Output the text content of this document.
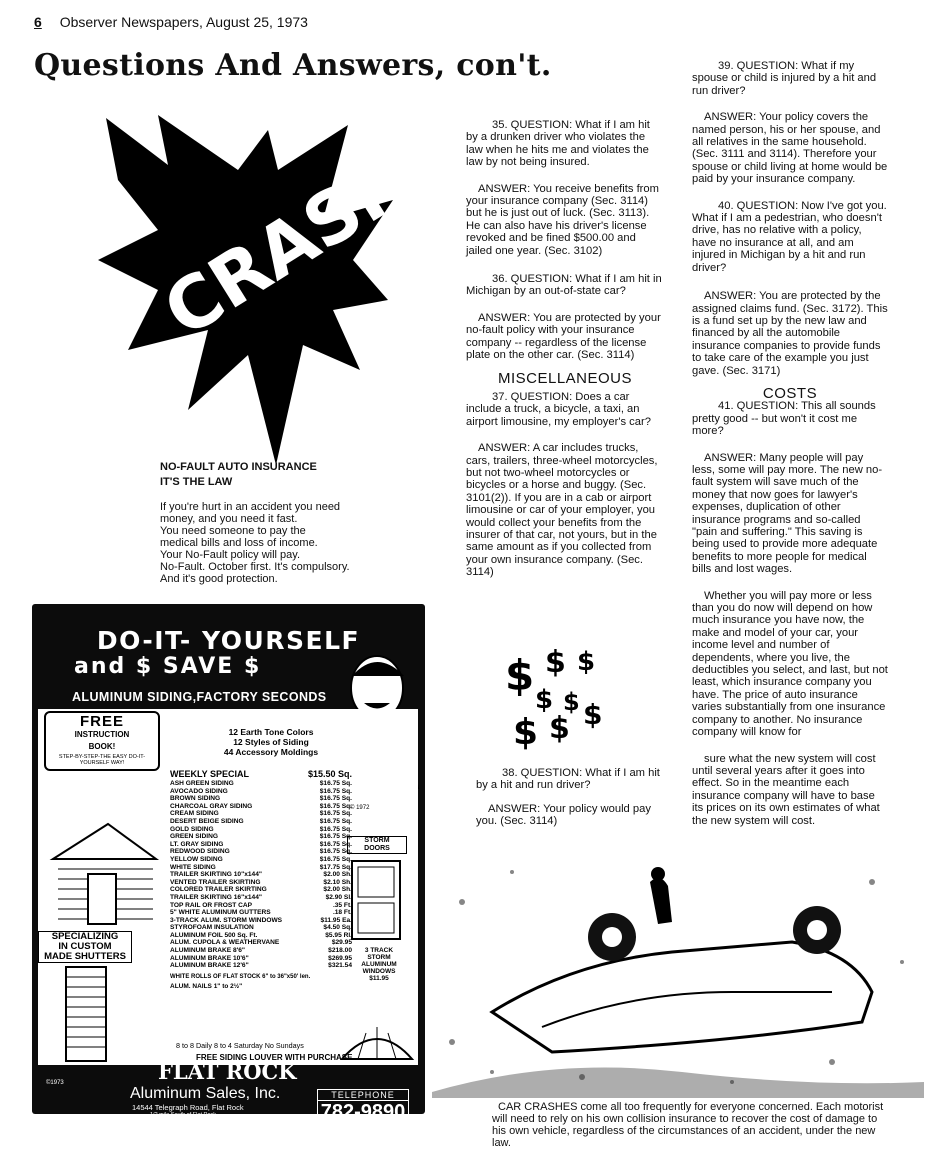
6 Observer Newspapers, August 25, 1973
Questions And Answers, con't.
CRASH
NO-FAULT AUTO INSURANCE
IT'S THE LAW
If you're hurt in an accident you need
money, and you need it fast.
You need someone to pay the
medical bills and loss of income.
Your No-Fault policy will pay.
No-Fault. October first. It's compulsory.
And it's good protection.

35. QUESTION: What if I am hit by a drunken driver who violates the law when he hits me and violates the law by not being insured.

ANSWER: You receive benefits from your insurance company (Sec. 3114) but he is just out of luck. (Sec. 3113). He can also have his driver's license revoked and be fined $500.00 and jailed one year. (Sec. 3102)

36. QUESTION: What if I am hit in Michigan by an out-of-state car?

ANSWER: You are protected by your no-fault policy with your insurance company -- regardless of the license plate on the other car. (Sec. 3114)

MISCELLANEOUS

37. QUESTION: Does a car include a truck, a bicycle, a taxi, an airport limousine, my employer's car?

ANSWER: A car includes trucks, cars, trailers, three-wheel motorcycles, but not two-wheel motorcycles or bicycles or a horse and buggy. (Sec. 3101(2)). If you are in a cab or airport limousine or car of your employer, you would collect your benefits from the insurer of that car, not yours, but in the same amount as if you collected from your own insurance company. (Sec. 3114)

$ $ $
$ $
$ $ $

38. QUESTION: What if I am hit by a hit and run driver?

ANSWER: Your policy would pay you. (Sec. 3114)

39. QUESTION: What if my spouse or child is injured by a hit and run driver?

ANSWER: Your policy covers the named person, his or her spouse, and all relatives in the same household. (Sec. 3111 and 3114). Therefore your spouse or child living at home would be paid by your insurance company.

40. QUESTION: Now I've got you. What if I am a pedestrian, who doesn't drive, has no relative with a policy, have no insurance at all, and am injured in Michigan by a hit and run driver?

ANSWER: You are protected by the assigned claims fund. (Sec. 3172). This is a fund set up by the new law and financed by all the automobile insurance companies to provide funds to take care of the example you just gave. (Sec. 3171)

COSTS

41. QUESTION: This all sounds pretty good -- but won't it cost me more?

ANSWER: Many people will pay less, some will pay more. The new no-fault system will save much of the money that now goes for lawyer's expenses, duplication of other insurance programs and so-called "pain and suffering." This saving is being used to provide more adequate benefits to more people for medical bills and lost wages.

Whether you will pay more or less than you do now will depend on how much insurance you have now, the make and model of your car, your income level and number of dependents, where you live, the deductibles you select, and last, but not least, which insurance company you have. The price of auto insurance varies substantially from one insurance company to another. No insurance company will know for

sure what the new system will cost until several years after it goes into effect. So in the meantime each insurance company will have to base its prices on its own estimates of what the new system will cost.

DO-IT- YOURSELF
and $ SAVE $
ALUMINUM SIDING,FACTORY SECONDS
FREE
INSTRUCTION
BOOK!
STEP-BY-STEP-THE EASY DO-IT-YOURSELF WAY!
12 Earth Tone Colors
12 Styles of Siding
44 Accessory Moldings
© 1972
WEEKLY SPECIAL	$15.50 Sq.
ASH GREEN SIDING	$16.75 Sq.
AVOCADO SIDING	$16.75 Sq.
BROWN SIDING	$16.75 Sq.
CHARCOAL GRAY SIDING	$16.75 Sq.
CREAM SIDING	$16.75 Sq.
DESERT BEIGE SIDING	$16.75 Sq.
GOLD SIDING	$16.75 Sq.
GREEN SIDING	$16.75 Sq.
LT. GRAY SIDING	$16.75 Sq.
REDWOOD SIDING	$16.75 Sq.
YELLOW SIDING	$16.75 Sq.
WHITE SIDING	$17.75 Sq.
TRAILER SKIRTING 10"x144"	$2.00 Sh.
VENTED TRAILER SKIRTING	$2.10 Sh.
COLORED TRAILER SKIRTING	$2.00 Sh.
TRAILER SKIRTING 16"x144"	$2.90 Sl.
TOP RAIL OR FROST CAP	.35 Ft.
5" WHITE ALUMINUM GUTTERS	.18 Ft.
3-TRACK ALUM. STORM WINDOWS	$11.95 Ea.
STYROFOAM INSULATION	$4.50 Sq.
ALUMINUM FOIL 500 Sq. Ft.	$5.95 Rl.
ALUM. CUPOLA & WEATHERVANE	$29.95
ALUMINUM BRAKE 8'6"	$218.00
ALUMINUM BRAKE 10'6"	$269.95
ALUMINUM BRAKE 12'6"	$321.54
WHITE ROLLS OF FLAT STOCK 6" to 36"x50' len.
ALUM. NAILS 1" to 2½"
STORM
DOORS
3 TRACK
STORM
ALUMINUM
WINDOWS
$11.95
SPECIALIZING
IN CUSTOM
MADE SHUTTERS
8 to 8 Daily 8 to 4 Saturday No Sundays
FREE SIDING LOUVER WITH PURCHASE
©1973	FLAT ROCK
Aluminum Sales, Inc.
14544 Telegraph Road, Flat Rock
1/2 mile South of Flat Rock
TELEPHONE
782-9890	CAR CRASHES come all too frequently for everyone concerned. Each motorist will need to rely on his own collision insurance to recover the cost of damage to his own vehicle, regardless of the circumstances of an accident, under the new law.
